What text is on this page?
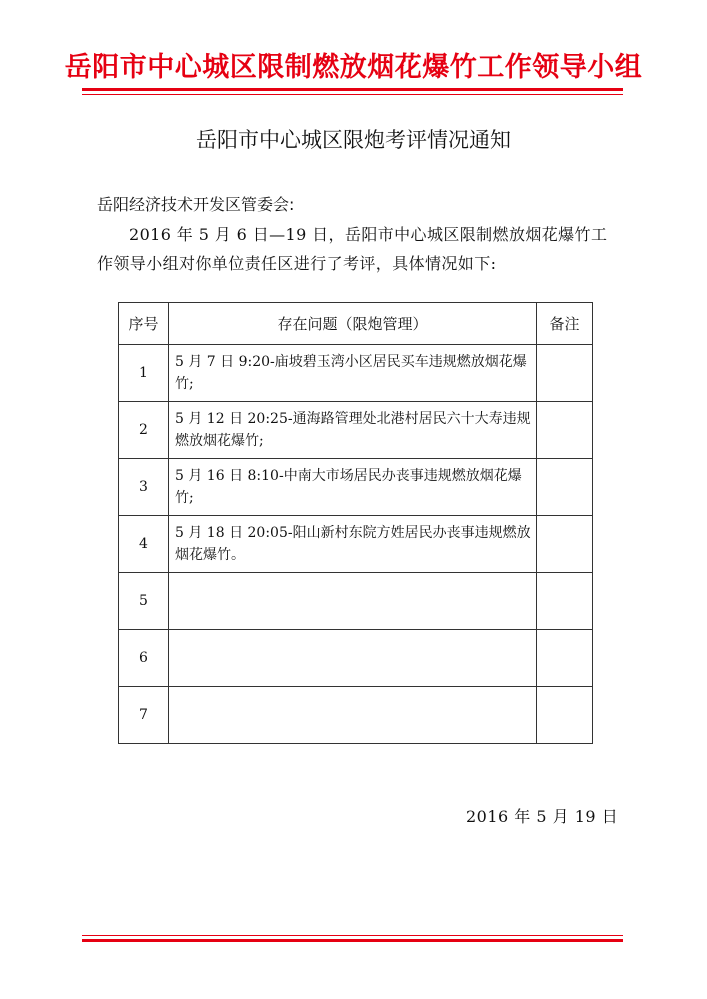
岳阳市中心城区限制燃放烟花爆竹工作领导小组
岳阳市中心城区限炮考评情况通知
岳阳经济技术开发区管委会:
2016 年 5 月 6 日—19 日，岳阳市中心城区限制燃放烟花爆竹工作领导小组对你单位责任区进行了考评，具体情况如下:
序号	存在问题（限炮管理）	备注
1	5 月 7 日 9:20-庙坡碧玉湾小区居民买车违规燃放烟花爆竹;	
2	5 月 12 日 20:25-通海路管理处北港村居民六十大寿违规燃放烟花爆竹;	
3	5 月 16 日 8:10-中南大市场居民办丧事违规燃放烟花爆竹;	
4	5 月 18 日 20:05-阳山新村东院方姓居民办丧事违规燃放烟花爆竹。	
5		
6		
7		
2016 年 5 月 19 日
